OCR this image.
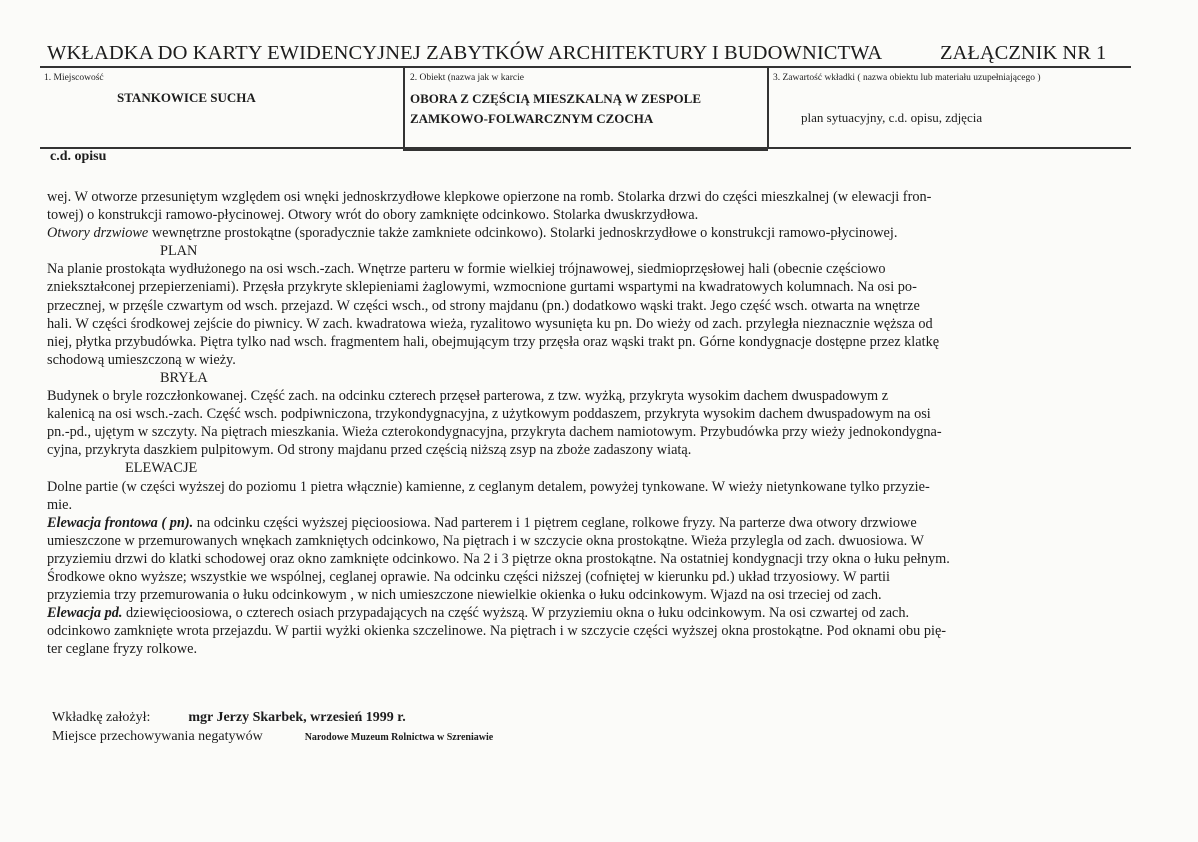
WKŁADKA DO KARTY EWIDENCYJNEJ ZABYTKÓW ARCHITEKTURY I BUDOWNICTWA	ZAŁĄCZNIK NR 1
1. Miejscowość
STANKOWICE SUCHA
2. Obiekt (nazwa jak w karcie
OBORA Z CZĘŚCIĄ MIESZKALNĄ W ZESPOLE
ZAMKOWO-FOLWARCZNYM CZOCHA
3. Zawartość wkładki ( nazwa obiektu lub materiału uzupełniającego )
plan sytuacyjny, c.d. opisu, zdjęcia
c.d. opisu

wej. W otworze przesuniętym względem osi wnęki jednoskrzydłowe klepkowe opierzone na romb. Stolarka drzwi do części mieszkalnej (w elewacji fron-

towej) o konstrukcji ramowo-płycinowej. Otwory wrót do obory zamknięte odcinkowo. Stolarka dwuskrzydłowa.

Otwory drzwiowe wewnętrzne prostokątne (sporadycznie także zamkniete odcinkowo). Stolarki jednoskrzydłowe o konstrukcji ramowo-płycinowej.

PLAN

Na planie prostokąta wydłużonego na osi wsch.-zach. Wnętrze parteru w formie wielkiej trójnawowej, siedmioprzęsłowej hali (obecnie częściowo

zniekształconej przepierzeniami). Przęsła przykryte sklepieniami żaglowymi, wzmocnione gurtami wspartymi na kwadratowych kolumnach. Na osi po-

przecznej, w przęśle czwartym od wsch. przejazd. W części wsch., od strony majdanu (pn.) dodatkowo wąski trakt. Jego część wsch. otwarta na wnętrze

hali. W części środkowej zejście do piwnicy. W zach. kwadratowa wieża, ryzalitowo wysunięta ku pn. Do wieży od zach. przyległa nieznacznie węższa od

niej, płytka przybudówka. Piętra tylko nad wsch. fragmentem hali, obejmującym trzy przęsła oraz wąski trakt pn. Górne kondygnacje dostępne przez klatkę

schodową umieszczoną w wieży.

BRYŁA

Budynek o bryle rozczłonkowanej. Część zach. na odcinku czterech przęseł parterowa, z tzw. wyżką, przykryta wysokim dachem dwuspadowym z

kalenicą na osi wsch.-zach. Część wsch. podpiwniczona, trzykondygnacyjna, z użytkowym poddaszem, przykryta wysokim dachem dwuspadowym na osi

pn.-pd., ujętym w szczyty. Na piętrach mieszkania. Wieża czterokondygnacyjna, przykryta dachem namiotowym. Przybudówka przy wieży jednokondygna-

cyjna, przykryta daszkiem pulpitowym. Od strony majdanu przed częścią niższą zsyp na zboże zadaszony wiatą.

ELEWACJE

Dolne partie (w części wyższej do poziomu 1 pietra włącznie) kamienne, z ceglanym detalem, powyżej tynkowane. W wieży nietynkowane tylko przyzie-

mie.

Elewacja frontowa ( pn). na odcinku części wyższej pięcioosiowa. Nad parterem i 1 piętrem ceglane, rolkowe fryzy. Na parterze dwa otwory drzwiowe

umieszczone w przemurowanych wnękach zamkniętych odcinkowo, Na piętrach i w szczycie okna prostokątne. Wieża przylegla od zach. dwuosiowa. W

przyziemiu drzwi do klatki schodowej oraz okno zamknięte odcinkowo. Na 2 i 3 piętrze okna prostokątne. Na ostatniej kondygnacji trzy okna o łuku pełnym.

Środkowe okno wyższe; wszystkie we wspólnej, ceglanej oprawie. Na odcinku części niższej (cofniętej w kierunku pd.) układ trzyosiowy. W partii

przyziemia trzy przemurowania o łuku odcinkowym , w nich umieszczone niewielkie okienka o łuku odcinkowym. Wjazd na osi trzeciej od zach.

Elewacja pd. dziewięcioosiowa, o czterech osiach przypadających na część wyższą. W przyziemiu okna o łuku odcinkowym. Na osi czwartej od zach.

odcinkowo zamknięte wrota przejazdu. W partii wyżki okienka szczelinowe. Na piętrach i w szczycie części wyższej okna prostokątne. Pod oknami obu pię-

ter ceglane fryzy rolkowe.

Wkładkę założył:	mgr Jerzy Skarbek, wrzesień 1999 r.
Miejsce przechowywania negatywów	Narodowe Muzeum Rolnictwa w Szreniawie
